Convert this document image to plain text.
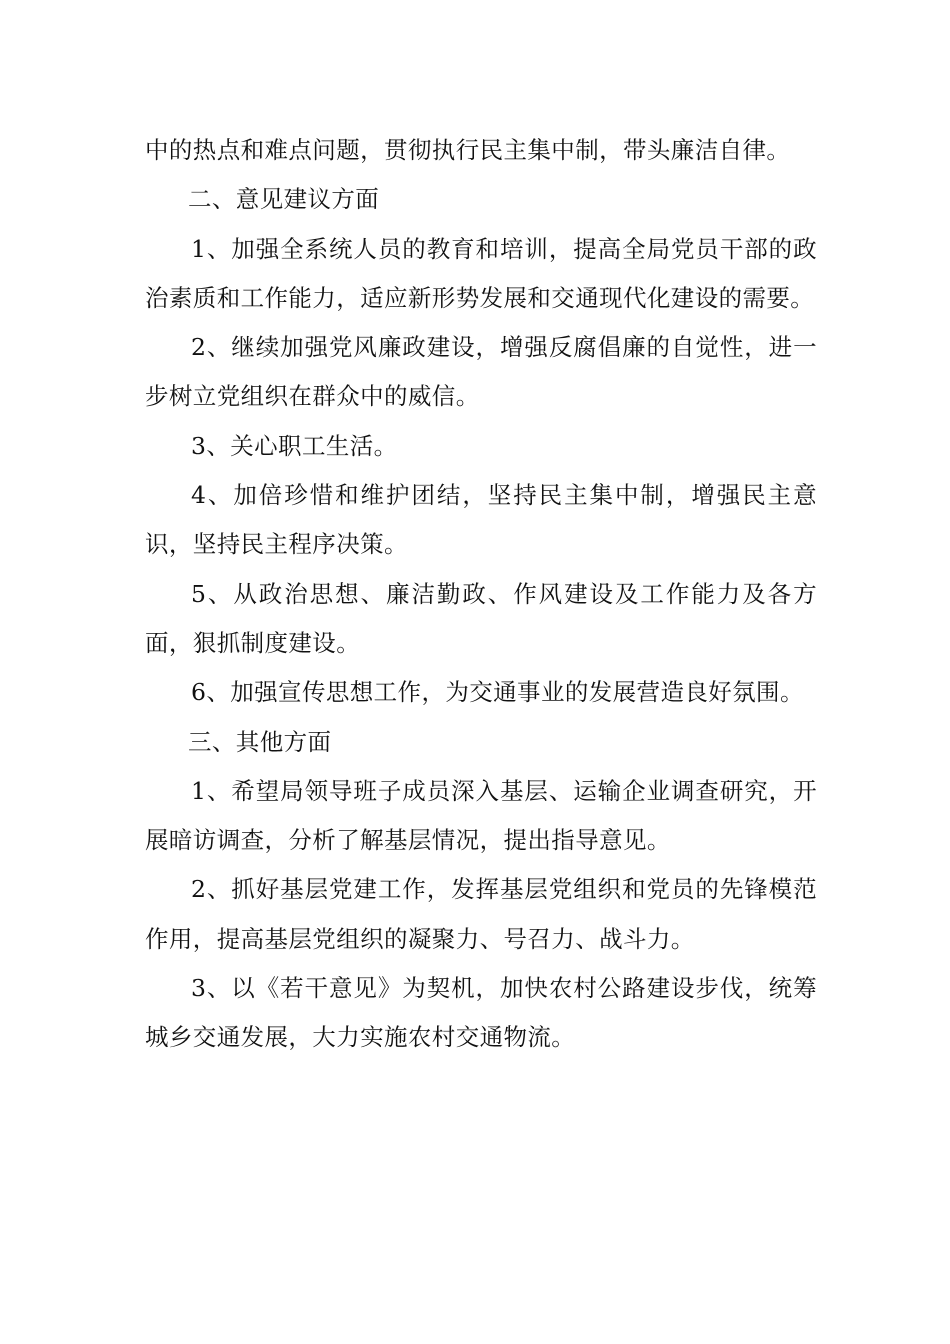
中的热点和难点问题，贯彻执行民主集中制，带头廉洁自律。

二、意见建议方面

1、加强全系统人员的教育和培训，提高全局党员干部的政治素质和工作能力，适应新形势发展和交通现代化建设的需要。

2、继续加强党风廉政建设，增强反腐倡廉的自觉性，进一步树立党组织在群众中的威信。

3、关心职工生活。

4、加倍珍惜和维护团结，坚持民主集中制，增强民主意识，坚持民主程序决策。

5、从政治思想、廉洁勤政、作风建设及工作能力及各方面，狠抓制度建设。

6、加强宣传思想工作，为交通事业的发展营造良好氛围。

三、其他方面

1、希望局领导班子成员深入基层、运输企业调查研究，开展暗访调查，分析了解基层情况，提出指导意见。

2、抓好基层党建工作，发挥基层党组织和党员的先锋模范作用，提高基层党组织的凝聚力、号召力、战斗力。

3、以《若干意见》为契机，加快农村公路建设步伐，统筹城乡交通发展，大力实施农村交通物流。
